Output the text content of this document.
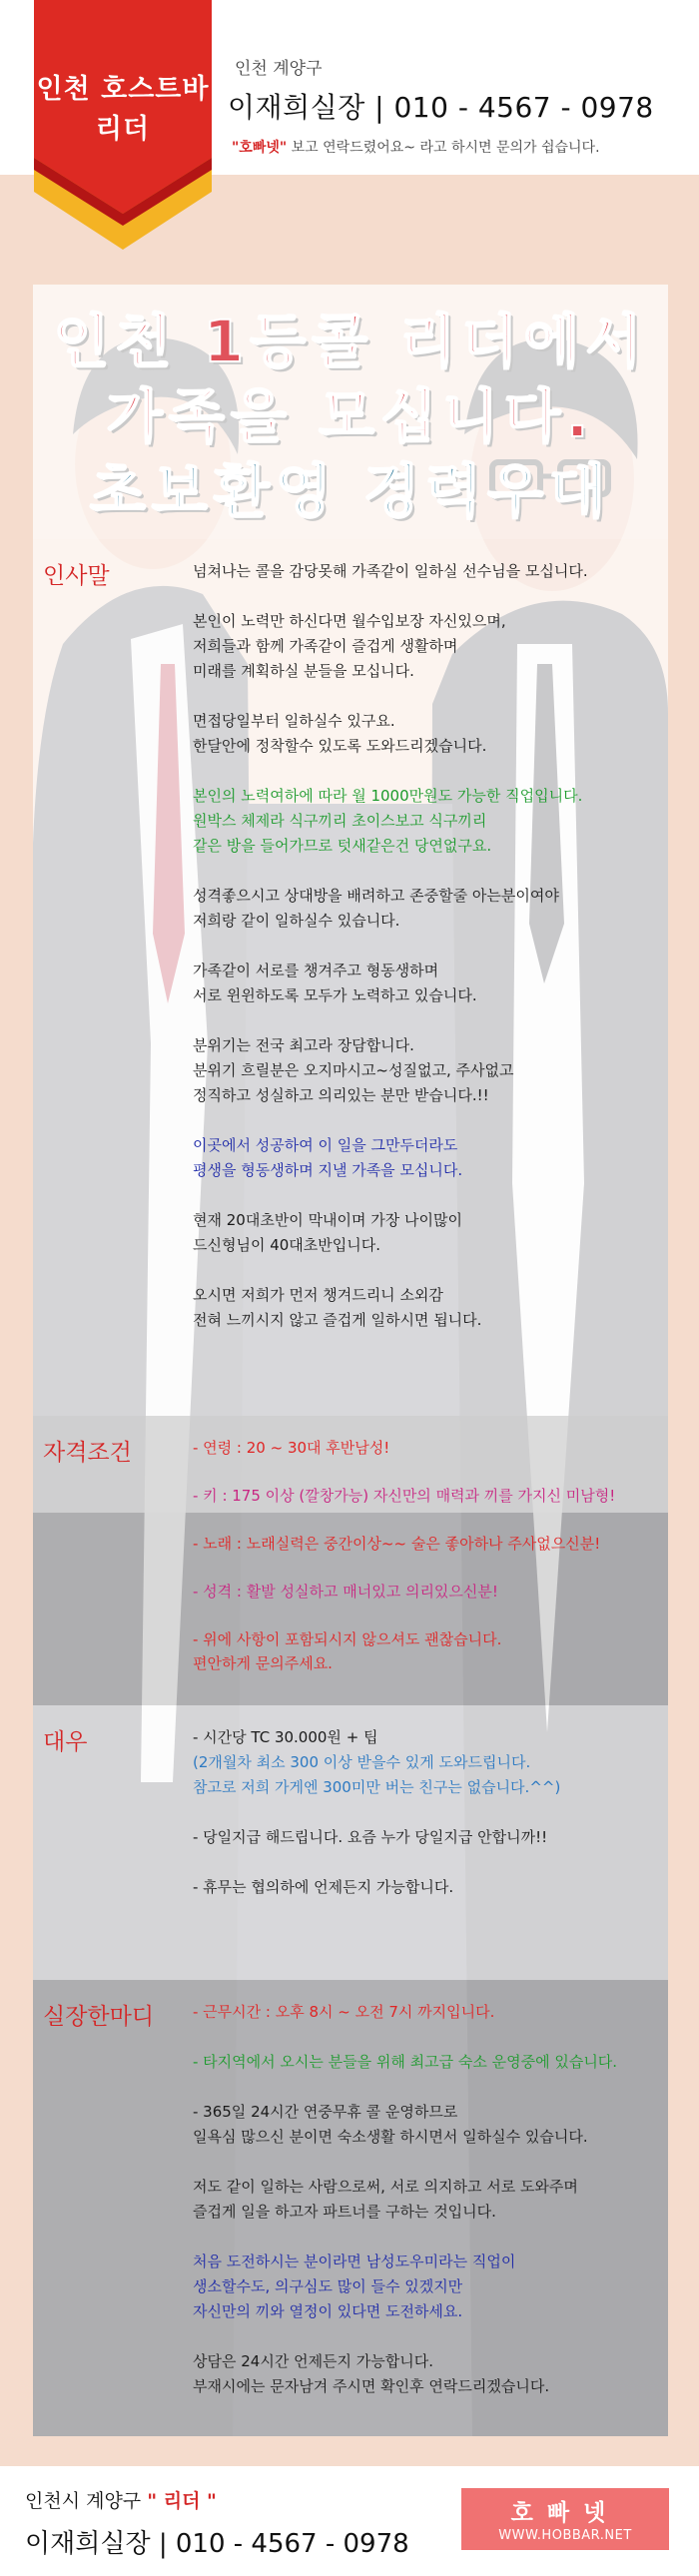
인천 호스트바
리더
인천 계양구
이재희실장 | 010 - 4567 - 0978
"호빠넷" 보고 연락드렸어요~ 라고 하시면 문의가 쉽습니다.
인천 1등콜 리더에서
가족을 모십니다.
초보환영 경력우대
인사말	넘쳐나는 콜을 감당못해 가족같이 일하실 선수님을 모십니다.

본인이 노력만 하신다면 월수입보장 자신있으며,
저희들과 함께 가족같이 즐겁게 생활하며
미래를 계획하실 분들을 모십니다.

면접당일부터 일하실수 있구요.
한달안에 정착할수 있도록 도와드리겠습니다.

본인의 노력여하에 따라 월 1000만원도 가능한 직업입니다.
원박스 체제라 식구끼리 초이스보고 식구끼리
같은 방을 들어가므로 텃새같은건 당연없구요.

성격좋으시고 상대방을 배려하고 존중할줄 아는분이여야
저희랑 같이 일하실수 있습니다.

가족같이 서로를 챙겨주고 형동생하며
서로 윈윈하도록 모두가 노력하고 있습니다.

분위기는 전국 최고라 장담합니다.
분위기 흐릴분은 오지마시고~성질없고, 주사없고
정직하고 성실하고 의리있는 분만 받습니다.!!

이곳에서 성공하여 이 일을 그만두더라도
평생을 형동생하며 지낼 가족을 모십니다.

현재 20대초반이 막내이며 가장 나이많이
드신형님이 40대초반입니다.

오시면 저희가 먼저 챙겨드리니 소외감
전혀 느끼시지 않고 즐겁게 일하시면 됩니다.

자격조건	- 연령 : 20 ~ 30대 후반남성!

- 키 : 175 이상 (깔창가능) 자신만의 매력과 끼를 가지신 미남형!

- 노래 : 노래실력은 중간이상~~ 술은 좋아하나 주사없으신분!

- 성격 : 활발 성실하고 매너있고 의리있으신분!

- 위에 사항이 포함되시지 않으셔도 괜찮습니다.
편안하게 문의주세요.

대우	- 시간당 TC 30.000원 + 팁
(2개월차 최소 300 이상 받을수 있게 도와드립니다.
참고로 저희 가게엔 300미만 버는 친구는 없습니다.^^)

- 당일지급 해드립니다. 요즘 누가 당일지급 안합니까!!

- 휴무는 협의하에 언제든지 가능합니다.

실장한마디	- 근무시간 : 오후 8시 ~ 오전 7시 까지입니다.

- 타지역에서 오시는 분들을 위해 최고급 숙소 운영중에 있습니다.

- 365일 24시간 연중무휴 콜 운영하므로
일욕심 많으신 분이면 숙소생활 하시면서 일하실수 있습니다.

저도 같이 일하는 사람으로써, 서로 의지하고 서로 도와주며
즐겁게 일을 하고자 파트너를 구하는 것입니다.

처음 도전하시는 분이라면 남성도우미라는 직업이
생소할수도, 의구심도 많이 들수 있겠지만
자신만의 끼와 열정이 있다면 도전하세요.

상담은 24시간 언제든지 가능합니다.
부재시에는 문자남겨 주시면 확인후 연락드리겠습니다.

인천시 계양구 " 리더 "
이재희실장 | 010 - 4567 - 0978
호빠넷
WWW.HOBBAR.NET
